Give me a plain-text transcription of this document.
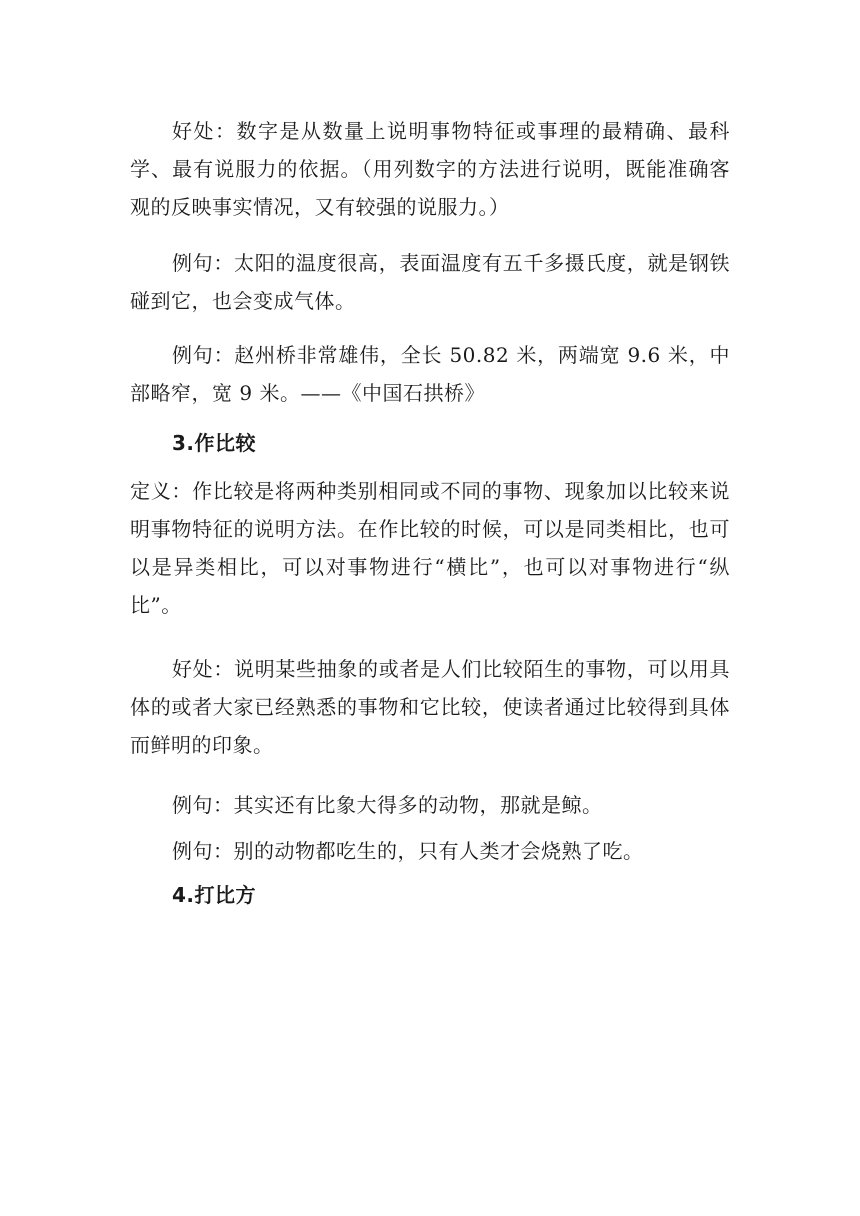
好处：数字是从数量上说明事物特征或事理的最精确、最科学、最有说服力的依据。（用列数字的方法进行说明，既能准确客观的反映事实情况，又有较强的说服力。）

例句：太阳的温度很高，表面温度有五千多摄氏度，就是钢铁碰到它，也会变成气体。

例句：赵州桥非常雄伟，全长 50.82 米，两端宽 9.6 米，中部略窄，宽 9 米。——《中国石拱桥》

3.作比较

定义：作比较是将两种类别相同或不同的事物、现象加以比较来说明事物特征的说明方法。在作比较的时候，可以是同类相比，也可以是异类相比，可以对事物进行“横比”，也可以对事物进行“纵比”。

好处：说明某些抽象的或者是人们比较陌生的事物，可以用具体的或者大家已经熟悉的事物和它比较，使读者通过比较得到具体而鲜明的印象。

例句：其实还有比象大得多的动物，那就是鲸。

例句：别的动物都吃生的，只有人类才会烧熟了吃。

4.打比方
